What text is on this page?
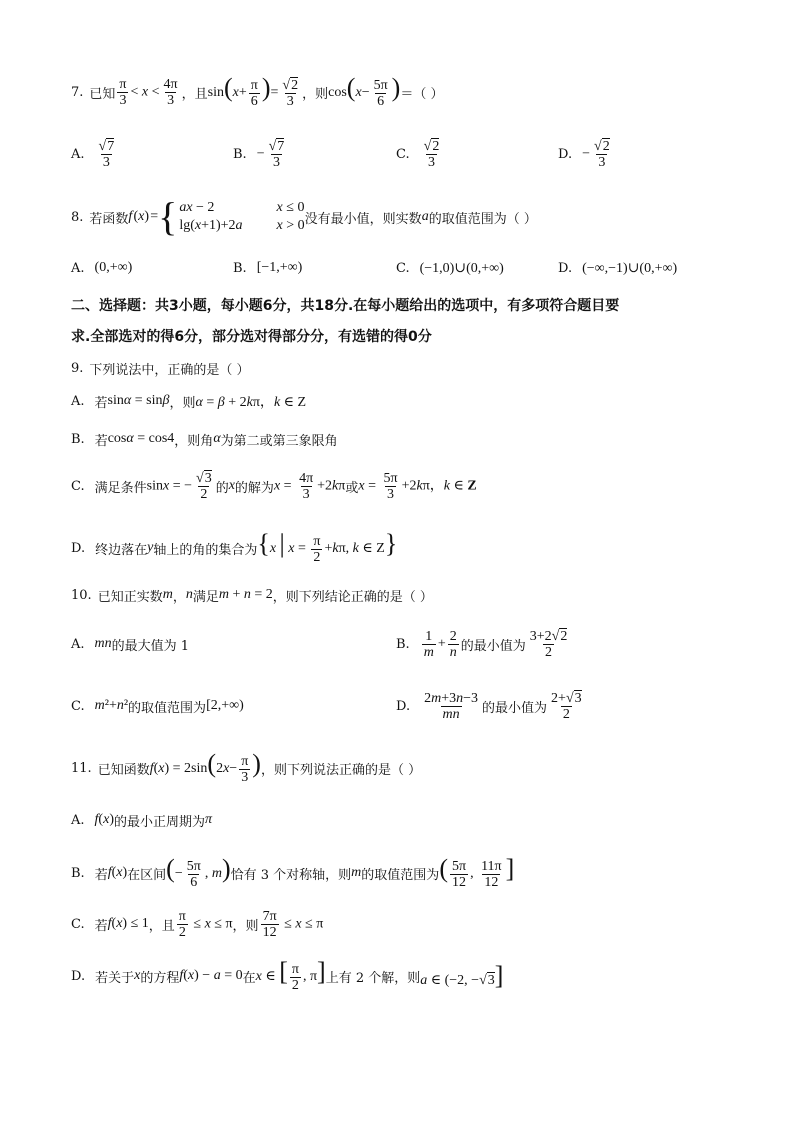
7. 已知 $\frac{\pi}{3} < x < \frac{4\pi}{3}$ ，且 $\sin(x+ \frac{\pi}{6}$ )= $\frac{√2}{3}$ ，则 $\cos(x- \frac{5\pi}{6}$ ) ＝（ ）
A. $\frac{√7}{3}$	B. − $\frac{√7}{3}$	C. $\frac{√2}{3}$	D. − $\frac{√2}{3}$
8. 若函数 f  ( x ) = { ax − 2	x ≤ 0
lg(x+1)+2a x > 0 没有最小值，则实数 a 的取值范围为（ ）
A. (0,+∞)	B. [−1,+∞)	C. (−1,0)∪(0,+∞)	D. (−∞,−1)∪(0,+∞)
二、选择题：共3小题，每小题6分，共18分.在每小题给出的选项中，有多项符合题目要
求.全部选对的得6分，部分选对得部分分，有选错的得0分
9. 下列说法中，正确的是（ ）
A. 若 sinα = sinβ ，则 α = β + 2kπ，k ∈ Z
B. 若 cosα = cos4 ，则角 α 为第二或第三象限角
C. 满足条件 sinx = − $\frac{√3}{2}$ 的 x 的解为 $x = \frac{4\pi}{3} +2k\pi$ 或 $x = \frac{5\pi}{3} +2k\pi$，k ∈ Z
D. 终边落在 y 轴上的角的集合为 {x | $x = \frac{\pi}{2} +k\pi$, k ∈ Z}
10. 已知正实数 m ， n 满足 m + n = 2 ，则下列结论正确的是（ ）
A. mn 的最大值为 1	B. $\frac{1}{m} + \frac{2}{n}$ 的最小值为 $\frac{3+2√2}{2}$
C. m²+n² 的取值范围为 [2,+∞)	D. $\frac{2m+3n-3}{mn}$ 的最小值为 $\frac{2+√3}{2}$
11. 已知函数 $f(x) = 2\sin(2x- \frac{\pi}{3}$ ) ，则下列说法正确的是（ ）
A. f(x) 的最小正周期为 π
B. 若 f(x) 在区间 (− $\frac{5\pi}{6}$ , m) 恰有 3 个对称轴，则 m 的取值范围为 ( $\frac{5\pi}{12}$ , $\frac{11\pi}{12}$ ]
C. 若 f(x) ≤ 1 ，且 $\frac{\pi}{2} \le x \le \pi$ ，则 $\frac{7\pi}{12} \le x \le \pi$
D. 若关于 x 的方程 f(x) − a = 0 在 x ∈ [ $\frac{\pi}{2}$ , π] 上有 2 个解，则 a ∈ (−2, −√3]
